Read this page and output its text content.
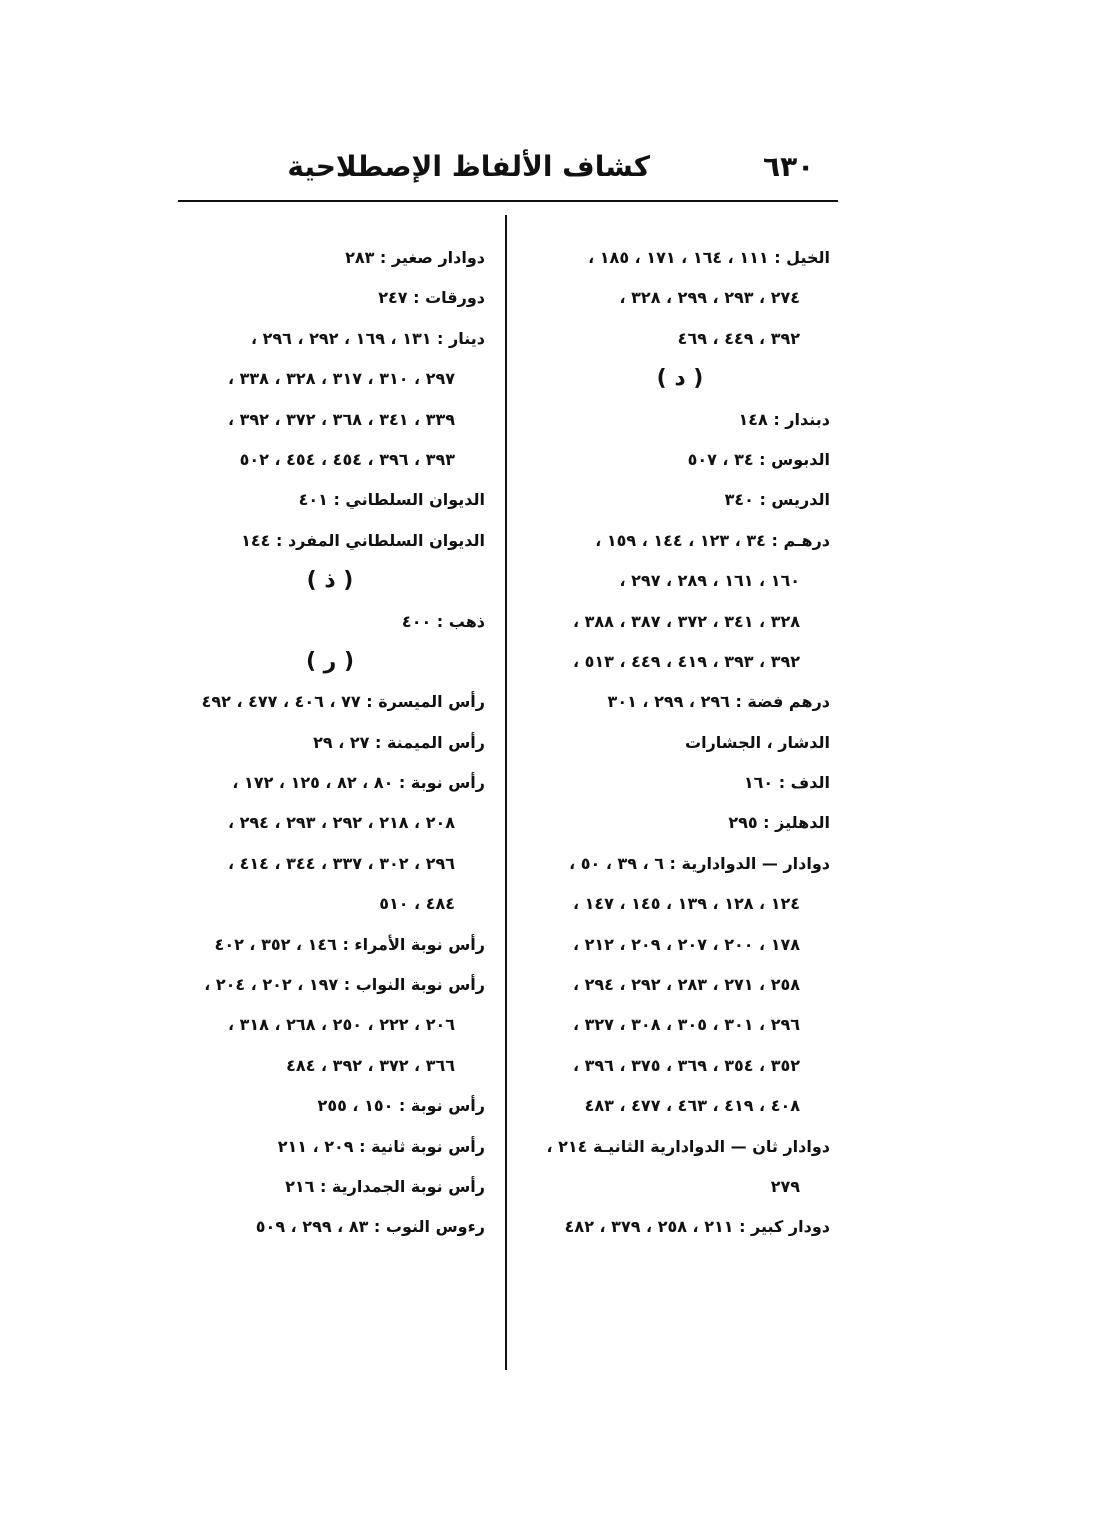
٦٣٠
كشاف الألفاظ الإصطلاحية
الخيل : ١١١ ، ١٦٤ ، ١٧١ ، ١٨٥ ،
٢٧٤ ، ٢٩٣ ، ٢٩٩ ، ٣٢٨ ،
٣٩٢ ، ٤٤٩ ، ٤٦٩
( د )
دبندار : ١٤٨
الدبوس : ٣٤ ، ٥٠٧
الدريس : ٣٤٠
درهـم : ٣٤ ، ١٢٣ ، ١٤٤ ، ١٥٩ ،
١٦٠ ، ١٦١ ، ٢٨٩ ، ٢٩٧ ،
٣٢٨ ، ٣٤١ ، ٣٧٢ ، ٣٨٧ ، ٣٨٨ ،
٣٩٢ ، ٣٩٣ ، ٤١٩ ، ٤٤٩ ، ٥١٣ ،
درهم فضة : ٢٩٦ ، ٢٩٩ ، ٣٠١
الدشار ، الجشارات
الدف : ١٦٠
الدهليز : ٢٩٥
دوادار — الدوادارية : ٦ ، ٣٩ ، ٥٠ ،
١٢٤ ، ١٢٨ ، ١٣٩ ، ١٤٥ ، ١٤٧ ،
١٧٨ ، ٢٠٠ ، ٢٠٧ ، ٢٠٩ ، ٢١٢ ،
٢٥٨ ، ٢٧١ ، ٢٨٣ ، ٢٩٢ ، ٢٩٤ ،
٢٩٦ ، ٣٠١ ، ٣٠٥ ، ٣٠٨ ، ٣٢٧ ،
٣٥٢ ، ٣٥٤ ، ٣٦٩ ، ٣٧٥ ، ٣٩٦ ،
٤٠٨ ، ٤١٩ ، ٤٦٣ ، ٤٧٧ ، ٤٨٣
دوادار ثان — الدوادارية الثانيـة ٢١٤ ،
٢٧٩
دودار كبير : ٢١١ ، ٢٥٨ ، ٣٧٩ ، ٤٨٢
دوادار صغير : ٢٨٣
دورقات : ٢٤٧
دينار : ١٣١ ، ١٦٩ ، ٢٩٢ ، ٢٩٦ ،
٢٩٧ ، ٣١٠ ، ٣١٧ ، ٣٢٨ ، ٣٣٨ ،
٣٣٩ ، ٣٤١ ، ٣٦٨ ، ٣٧٢ ، ٣٩٢ ،
٣٩٣ ، ٣٩٦ ، ٤٥٤ ، ٤٥٤ ، ٥٠٢
الديوان السلطاني : ٤٠١
الديوان السلطاني المفرد : ١٤٤
( ذ )
ذهب : ٤٠٠
( ر )
رأس الميسرة : ٧٧ ، ٤٠٦ ، ٤٧٧ ، ٤٩٢
رأس الميمنة : ٢٧ ، ٢٩
رأس نوبة : ٨٠ ، ٨٢ ، ١٢٥ ، ١٧٢ ،
٢٠٨ ، ٢١٨ ، ٢٩٢ ، ٢٩٣ ، ٢٩٤ ،
٢٩٦ ، ٣٠٢ ، ٣٣٧ ، ٣٤٤ ، ٤١٤ ،
٤٨٤ ، ٥١٠
رأس نوبة الأمراء : ١٤٦ ، ٣٥٢ ، ٤٠٢
رأس نوبة النواب : ١٩٧ ، ٢٠٢ ، ٢٠٤ ،
٢٠٦ ، ٢٢٢ ، ٢٥٠ ، ٢٦٨ ، ٣١٨ ،
٣٦٦ ، ٣٧٢ ، ٣٩٢ ، ٤٨٤
رأس نوبة : ١٥٠ ، ٢٥٥
رأس نوبة ثانية : ٢٠٩ ، ٢١١
رأس نوبة الجمدارية : ٢١٦
رءوس النوب : ٨٣ ، ٢٩٩ ، ٥٠٩
